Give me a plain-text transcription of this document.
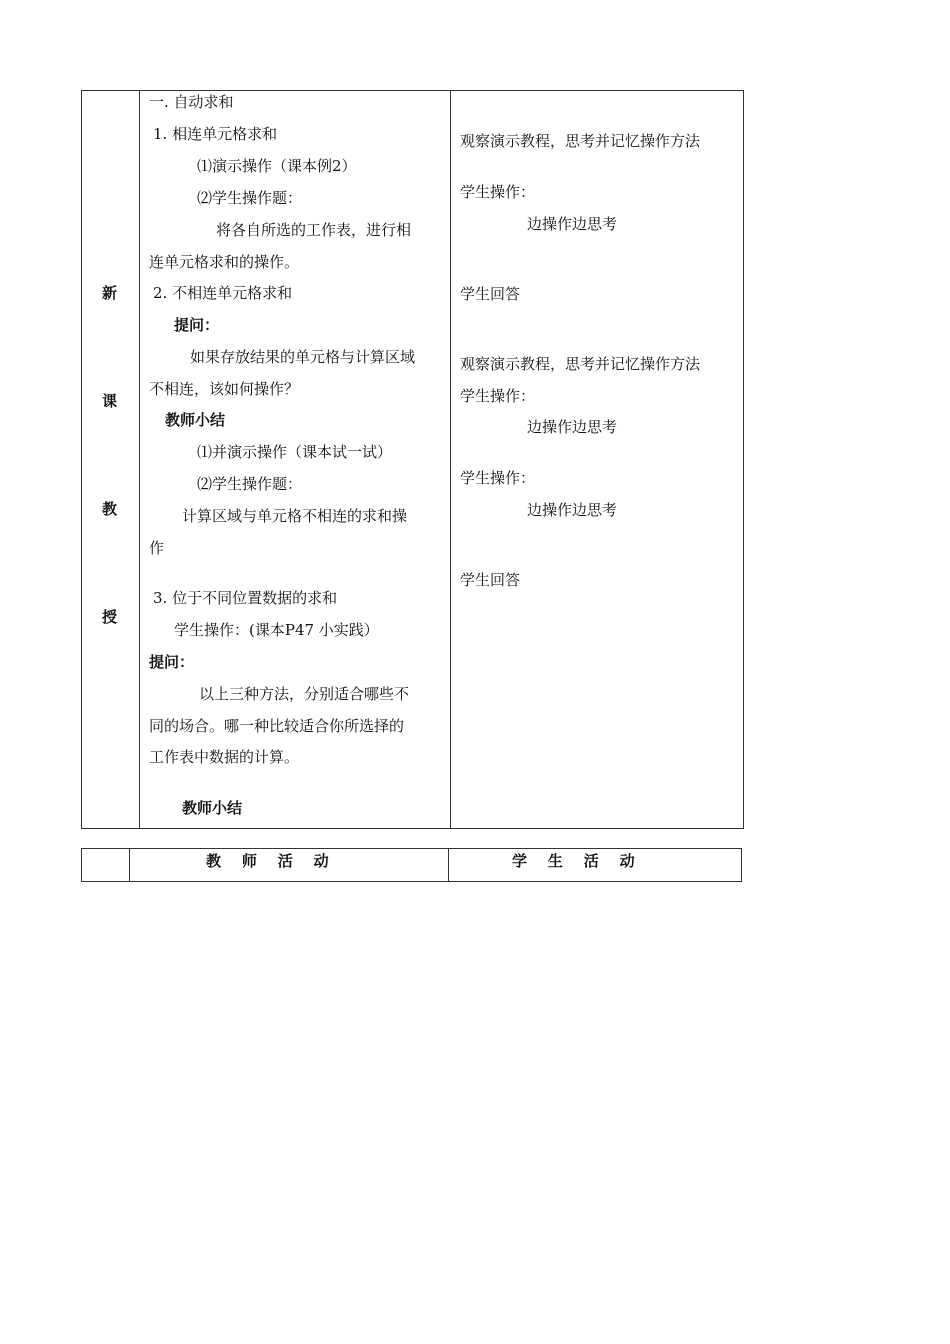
新
课
教
授
一. 自动求和
1. 相连单元格求和
⑴演示操作（课本例2）
⑵学生操作题：
将各自所选的工作表，进行相
连单元格求和的操作。
2. 不相连单元格求和
提问：
如果存放结果的单元格与计算区域
不相连，该如何操作？
教师小结
⑴并演示操作（课本试一试）
⑵学生操作题：
计算区域与单元格不相连的求和操
作
3. 位于不同位置数据的求和
学生操作：(课本P47 小实践）
提问：
以上三种方法，分别适合哪些不
同的场合。哪一种比较适合你所选择的
工作表中数据的计算。
教师小结
观察演示教程，思考并记忆操作方法
学生操作：
边操作边思考
学生回答
观察演示教程，思考并记忆操作方法
学生操作：
边操作边思考
学生操作：
边操作边思考
学生回答
教    师    活    动	学    生    活    动
